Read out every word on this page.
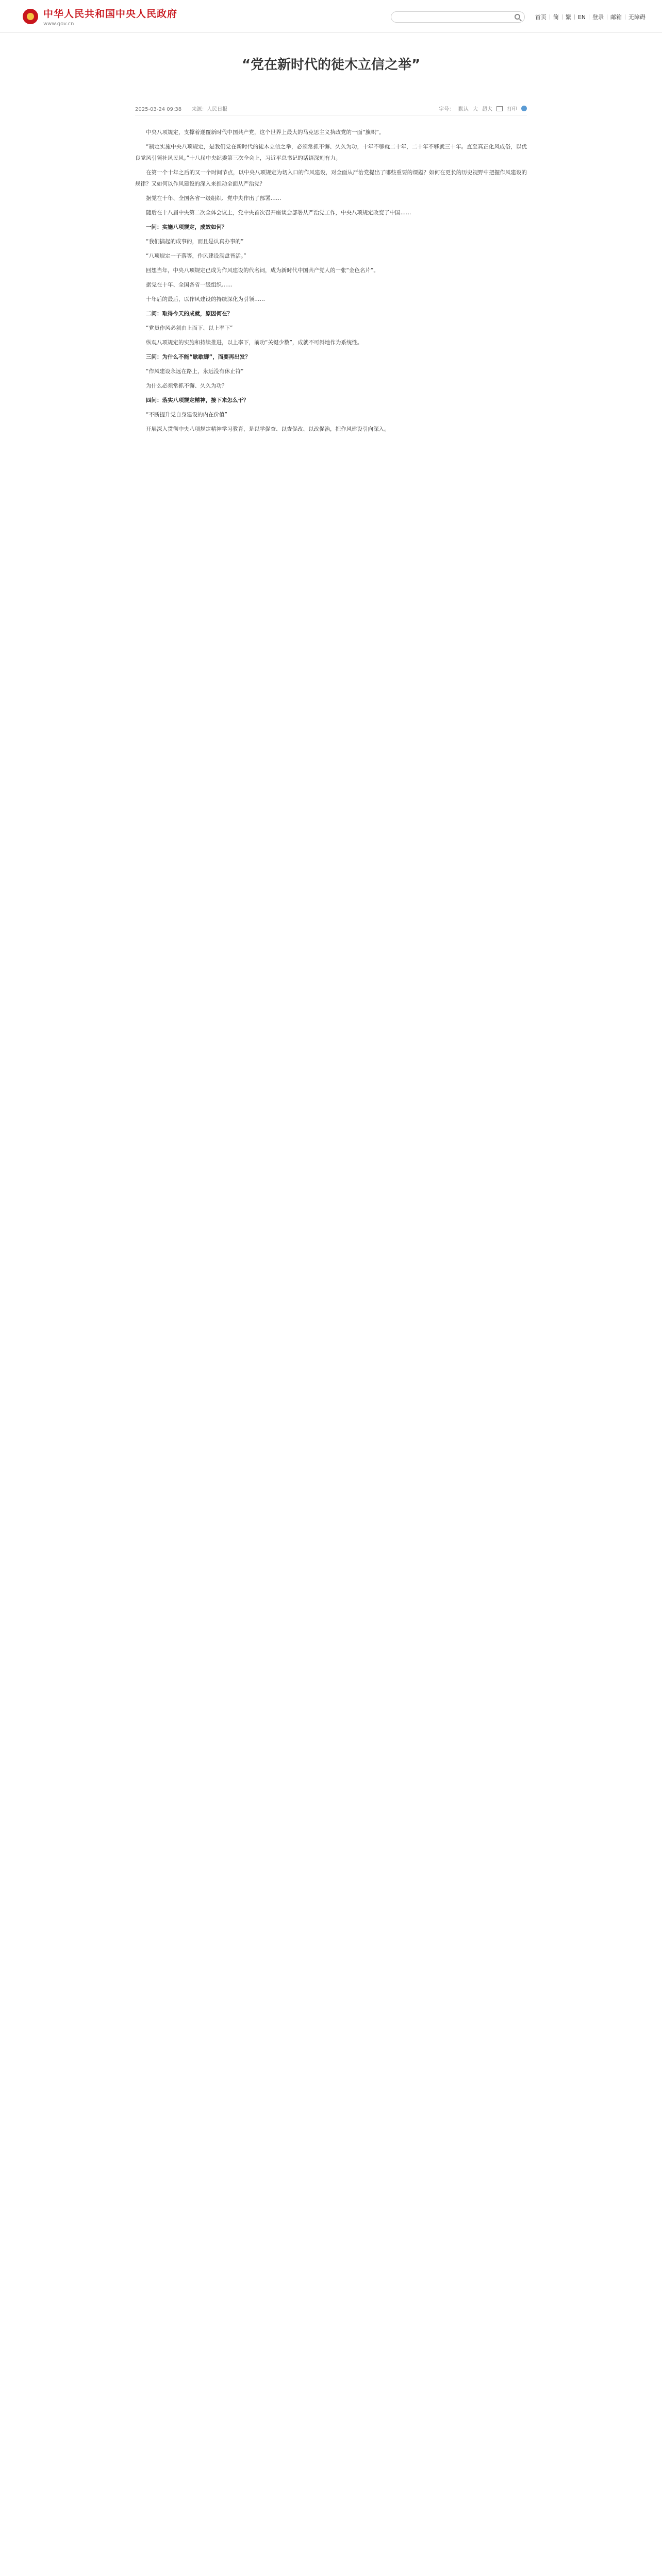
中华人民共和国中央人民政府
www.gov.cn
首页	简	繁	EN	登录	邮箱	无障碍
“党在新时代的徒木立信之举”
2025-03-24 09:38 来源：人民日报	字号： 默认 大 超大	打印

中央八项规定，支撑着遂覆新时代中国共产党，这个世界上最大的马克思主义执政党的一面“旗帜”。

“制定实施中央八项规定，是我们党在新时代的徒木立信之举，必须常抓不懈、久久为功，十年不够就二十年，二十年不够就三十年。直至真正化风成俗，以优良党风引领社风民风。”十八届中央纪委第三次全会上，习近平总书记的话语深刻有力。

在第一个十年之后的又一个时间节点，以中央八项规定为切入口的作风建设，对全面从严治党提出了哪些重要的课题？如何在更长的历史视野中把握作风建设的规律？又如何以作风建设的深入来推动全面从严治党？

据党在十年、全国各省一级组织、党中央作出了部署……

随后在十八届中央第二次全体会议上，党中央首次召开座谈会部署从严治党工作，中央八项规定改变了中国……

一问：实施八项规定，成效如何？

“我们搞起的成事的，而且是认真办事的”

“八项规定一子落等，作风建设满盘皆活。”

回想当年，中央八项规定已成为作风建设的代名词，成为新时代中国共产党人的一张“金色名片”。

据党在十年、全国各省一级组织……

十年后的最后，以作风建设的持续深化为引领……

二问：取得今天的成就，原因何在？

“党员作风必须由上而下、以上率下”

纵观八项规定的实施和持续推进，以上率下，前功“关键少数”，成就不可斜地作为系统性。

三问：为什么不能“歇歇脚”，而要再出发？

“作风建设永远在路上，永远没有休止符”

为什么必须常抓不懈、久久为功？

四问：落实八项规定精神，接下来怎么干？

“不断提升党自身建设的内在价值”

开展深入贯彻中央八项规定精神学习教育，是以学促查、以查促改、以改促治，把作风建设引向深入。
